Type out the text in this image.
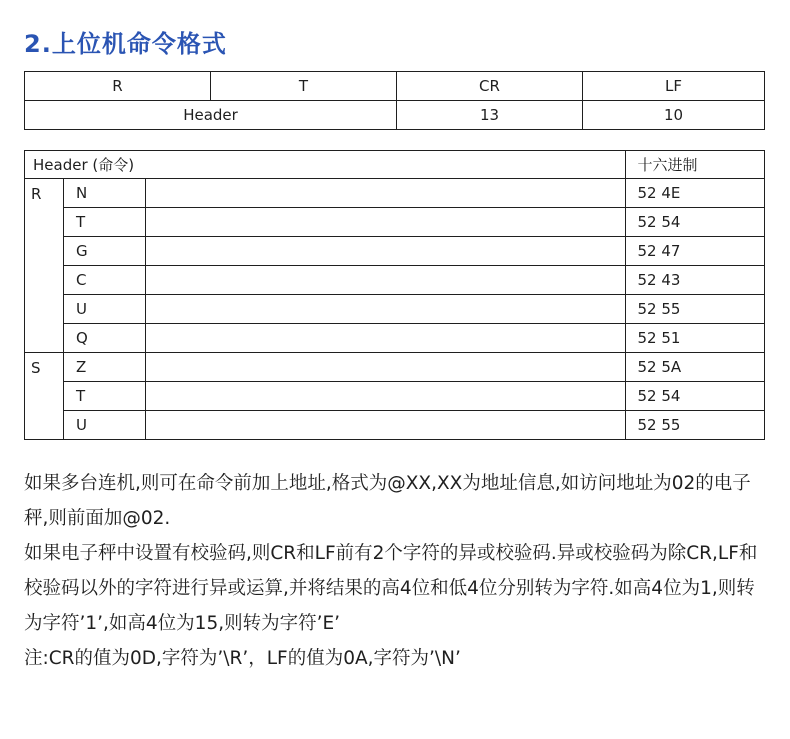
2.上位机命令格式
R	T	CR	LF
Header		13	10
Header (命令)			十六进制
R	N		52 4E
	T		52 54
	G		52 47
	C		52 43
	U		52 55
	Q		52 51
S	Z		52 5A
	T		52 54
	U		52 55

如果多台连机,则可在命令前加上地址,格式为@XX,XX为地址信息,如访问地址为02的电子秤,则前面加@02.

如果电子秤中设置有校验码,则CR和LF前有2个字符的异或校验码.异或校验码为除CR,LF和校验码以外的字符进行异或运算,并将结果的高4位和低4位分别转为字符.如高4位为1,则转为字符’1’,如高4位为15,则转为字符’E’

注:CR的值为0D,字符为’\R’，LF的值为0A,字符为’\N’
